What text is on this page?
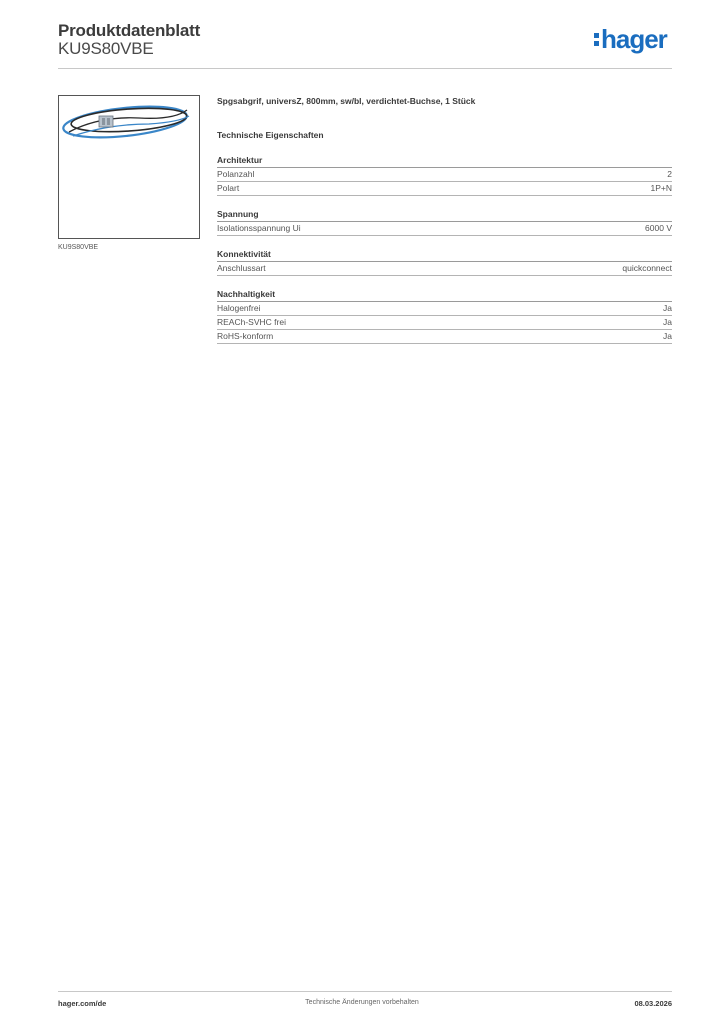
Produktdatenblatt
KU9S80VBE	hager
KU9S80VBE
Spgsabgrif, universZ, 800mm, sw/bl, verdichtet-Buchse, 1 Stück
Technische Eigenschaften
Architektur
Polanzahl	2
Polart	1P+N
Spannung
Isolationsspannung Ui	6000 V
Konnektivität
Anschlussart	quickconnect
Nachhaltigkeit
Halogenfrei	Ja
REACh-SVHC frei	Ja
RoHS-konform	Ja
hager.com/de	Technische Änderungen vorbehalten	08.03.2026
